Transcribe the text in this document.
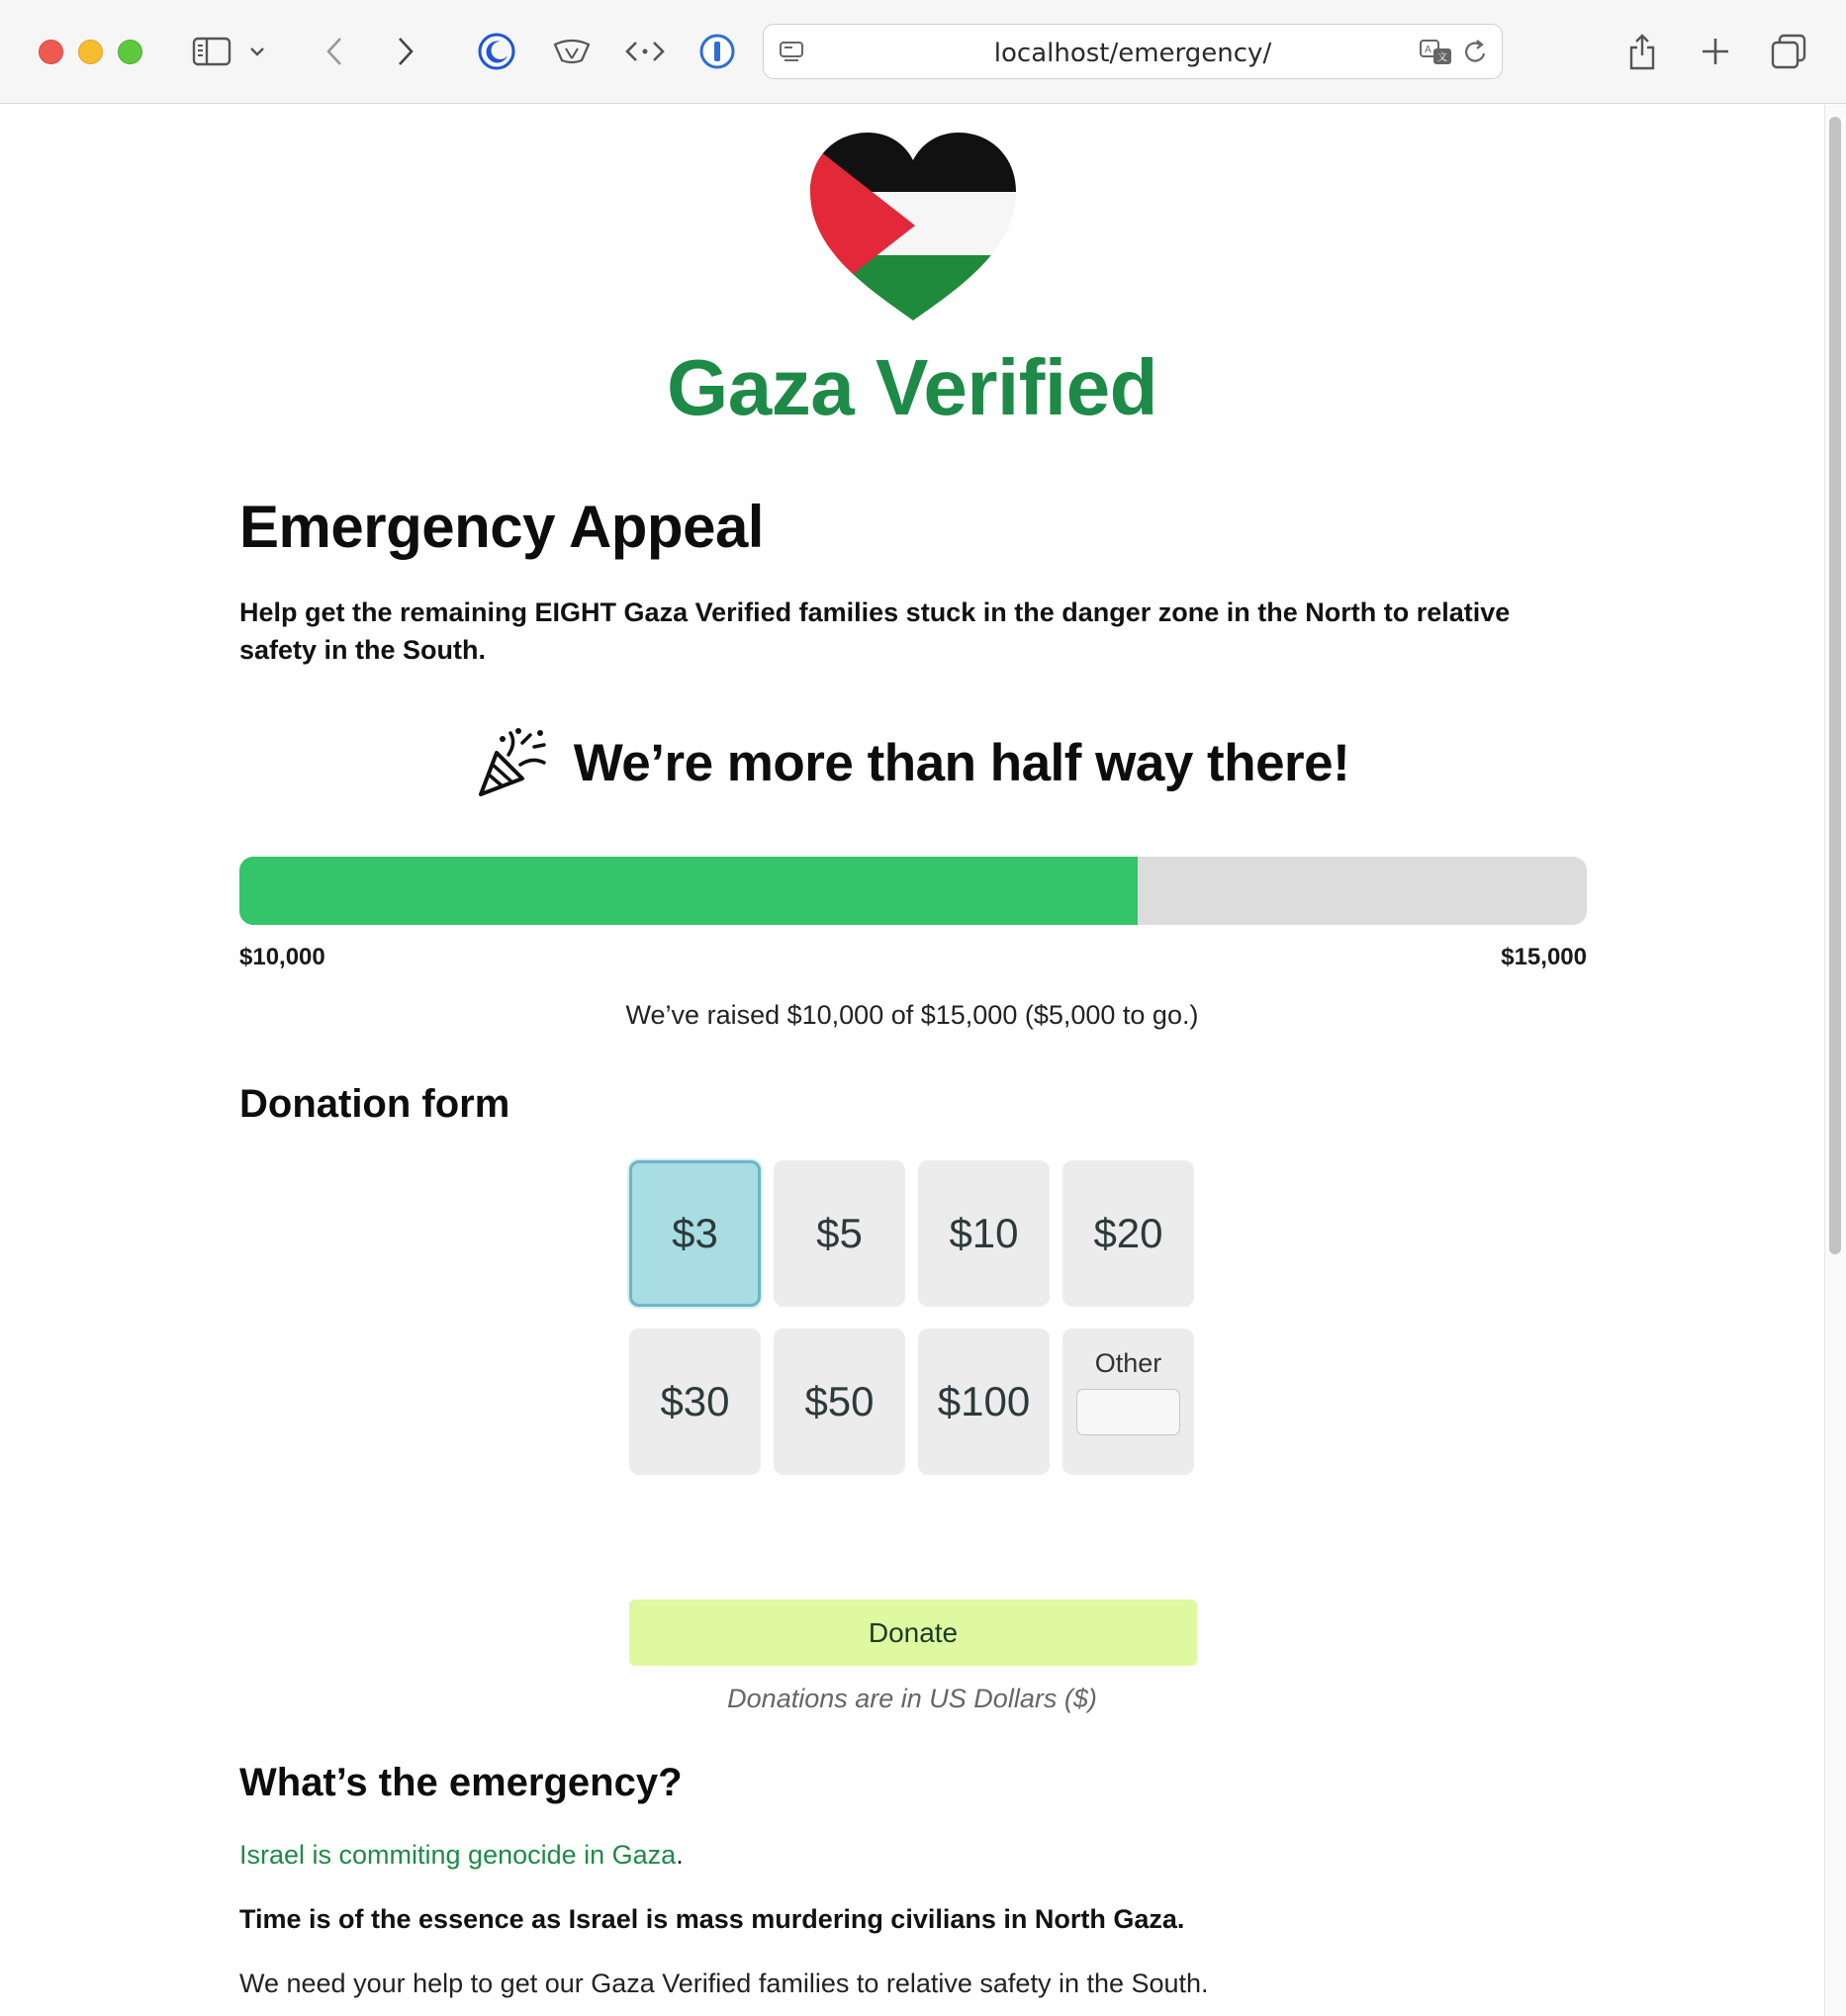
localhost/emergency/	A
文
Gaza Verified
Emergency Appeal

Help get the remaining EIGHT Gaza Verified families stuck in the danger zone in the North to relative safety in the South.

We’re more than half way there!
$10,000	$15,000
We’ve raised $10,000 of $15,000 ($5,000 to go.)
Donation form
$3	$5	$10	$20
$30	$50	$100
Other
Donate
Donations are in US Dollars ($)
What’s the emergency?

Israel is commiting genocide in Gaza.

Time is of the essence as Israel is mass murdering civilians in North Gaza.

We need your help to get our Gaza Verified families to relative safety in the South.
